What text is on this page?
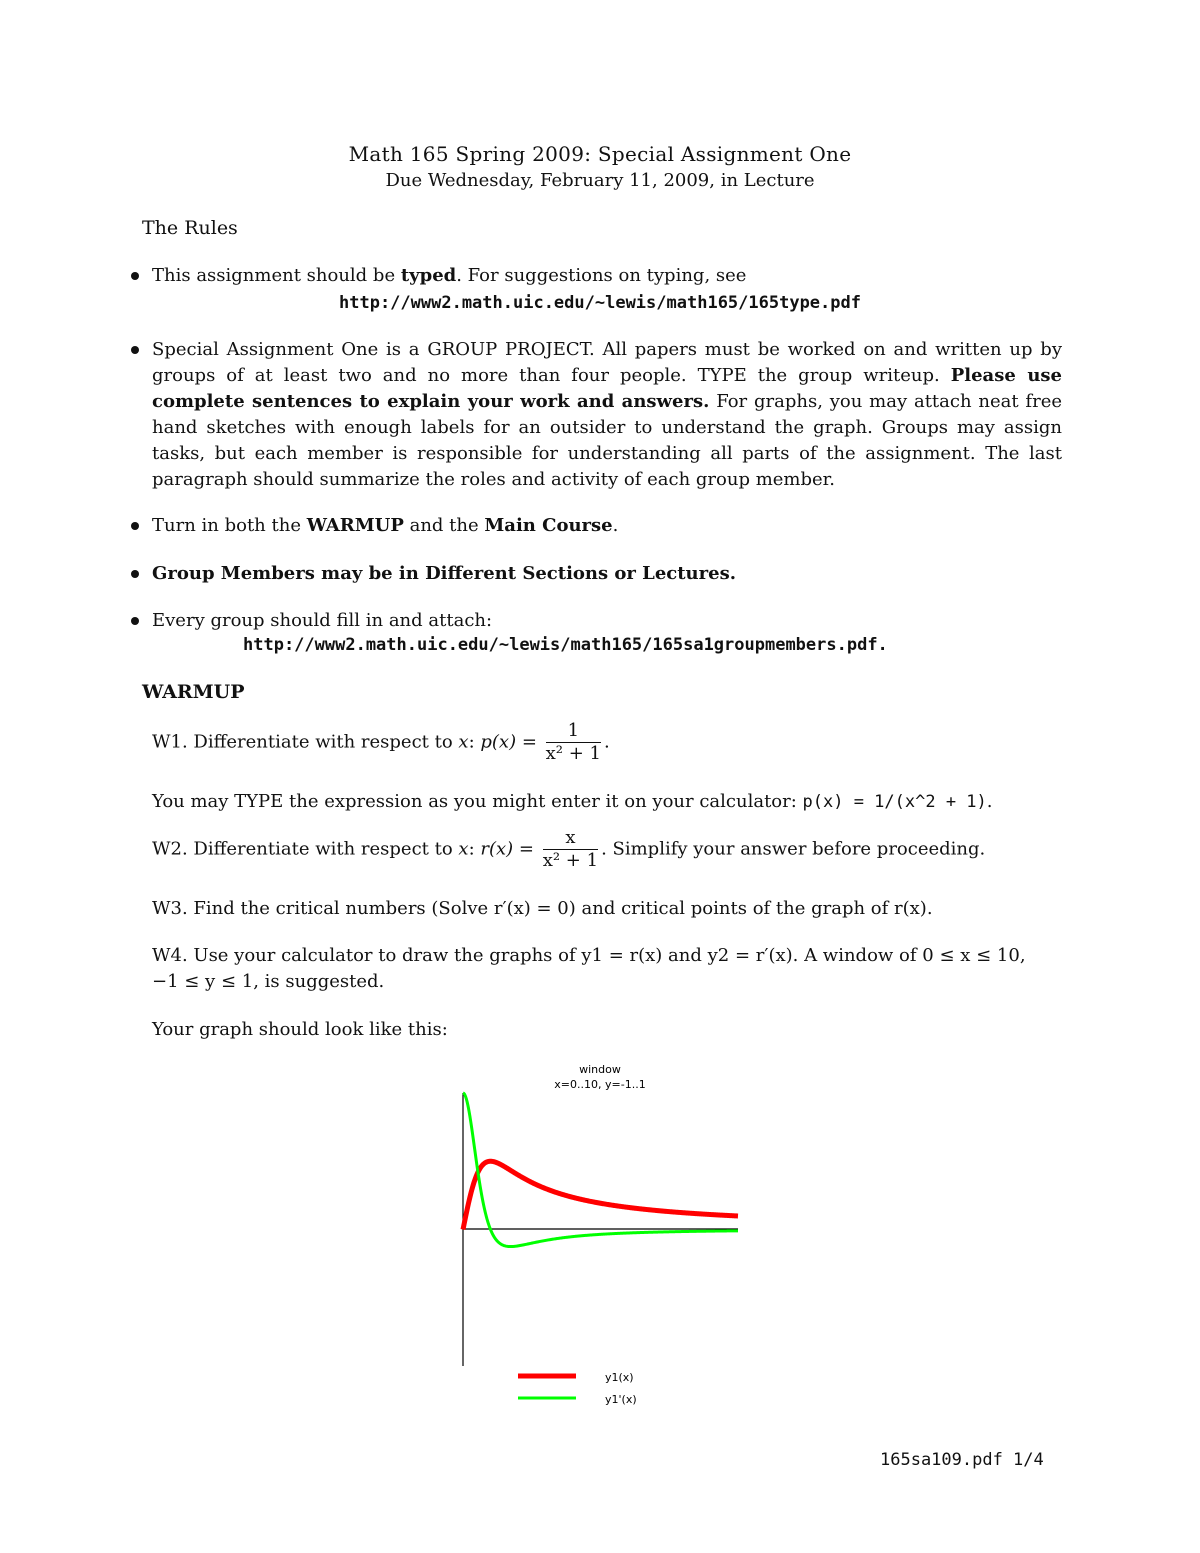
Math 165 Spring 2009: Special Assignment One
Due Wednesday, February 11, 2009, in Lecture
The Rules
This assignment should be typed. For suggestions on typing, see
http://www2.math.uic.edu/~lewis/math165/165type.pdf
Special Assignment One is a GROUP PROJECT. All papers must be worked on and written up by groups of at least two and no more than four people. TYPE the group writeup. Please use complete sentences to explain your work and answers. For graphs, you may attach neat free hand sketches with enough labels for an outsider to understand the graph. Groups may assign tasks, but each member is responsible for understanding all parts of the assignment. The last paragraph should summarize the roles and activity of each group member.
Turn in both the WARMUP and the Main Course.
Group Members may be in Different Sections or Lectures.
Every group should fill in and attach:
http://www2.math.uic.edu/~lewis/math165/165sa1groupmembers.pdf.
WARMUP
W1. Differentiate with respect to x: $p(x) = \frac{1}{\text{x² + 1}}$ .
You may TYPE the expression as you might enter it on your calculator: p(x) = 1/(x^2 + 1).
W2. Differentiate with respect to x: $r(x) = \frac{x}{\text{x² + 1}}$ . Simplify your answer before proceeding.
W3. Find the critical numbers (Solve r′(x) = 0) and critical points of the graph of r(x).
W4. Use your calculator to draw the graphs of y1 = r(x) and y2 = r′(x). A window of 0 ≤ x ≤ 10,
−1 ≤ y ≤ 1, is suggested.
Your graph should look like this:
window
x=0..10, y=-1..1
y1(x)
y1'(x)
165sa109.pdf 1/4
